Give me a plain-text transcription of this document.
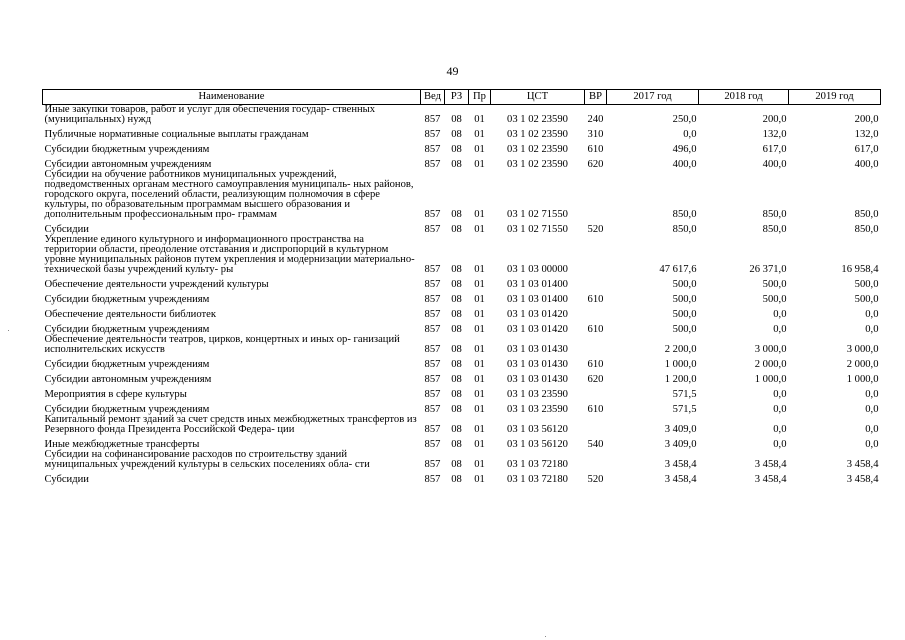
49
Наименование	Вед	РЗ	Пр	ЦСТ	ВР	2017 год	2018 год	2019 год
Иные закупки товаров, работ и услуг для обеспечения государ- ственных (муниципальных) нужд	857	08	01	03 1 02 23590	240	250,0	200,0	200,0
Публичные нормативные социальные выплаты гражданам	857	08	01	03 1 02 23590	310	0,0	132,0	132,0
Субсидии бюджетным учреждениям	857	08	01	03 1 02 23590	610	496,0	617,0	617,0
Субсидии автономным учреждениям	857	08	01	03 1 02 23590	620	400,0	400,0	400,0
Субсидии на обучение работников муниципальных учреждений, подведомственных органам местного самоуправления муниципаль- ных районов, городского округа, поселений области, реализующим полномочия в сфере культуры, по образовательным программам высшего образования и дополнительным профессиональным про- граммам	857	08	01	03 1 02 71550		850,0	850,0	850,0
Субсидии	857	08	01	03 1 02 71550	520	850,0	850,0	850,0
Укрепление единого культурного и информационного пространства на территории области, преодоление отставания и диспропорций в культурном уровне муниципальных районов путем укрепления и модернизации материально-технической базы учреждений культу- ры	857	08	01	03 1 03 00000		47 617,6	26 371,0	16 958,4
Обеспечение деятельности учреждений культуры	857	08	01	03 1 03 01400		500,0	500,0	500,0
Субсидии бюджетным учреждениям	857	08	01	03 1 03 01400	610	500,0	500,0	500,0
Обеспечение деятельности библиотек	857	08	01	03 1 03 01420		500,0	0,0	0,0
Субсидии бюджетным учреждениям	857	08	01	03 1 03 01420	610	500,0	0,0	0,0
Обеспечение деятельности театров, цирков, концертных и иных ор- ганизаций исполнительских искусств	857	08	01	03 1 03 01430		2 200,0	3 000,0	3 000,0
Субсидии бюджетным учреждениям	857	08	01	03 1 03 01430	610	1 000,0	2 000,0	2 000,0
Субсидии автономным учреждениям	857	08	01	03 1 03 01430	620	1 200,0	1 000,0	1 000,0
Мероприятия в сфере культуры	857	08	01	03 1 03 23590		571,5	0,0	0,0
Субсидии бюджетным учреждениям	857	08	01	03 1 03 23590	610	571,5	0,0	0,0
Капитальный ремонт зданий за счет средств иных межбюджетных трансфертов из Резервного фонда Президента Российской Федера- ции	857	08	01	03 1 03 56120		3 409,0	0,0	0,0
Иные межбюджетные трансферты	857	08	01	03 1 03 56120	540	3 409,0	0,0	0,0
Субсидии на софинансирование расходов по строительству зданий муниципальных учреждений культуры в сельских поселениях обла- сти	857	08	01	03 1 03 72180		3 458,4	3 458,4	3 458,4
Субсидии	857	08	01	03 1 03 72180	520	3 458,4	3 458,4	3 458,4
